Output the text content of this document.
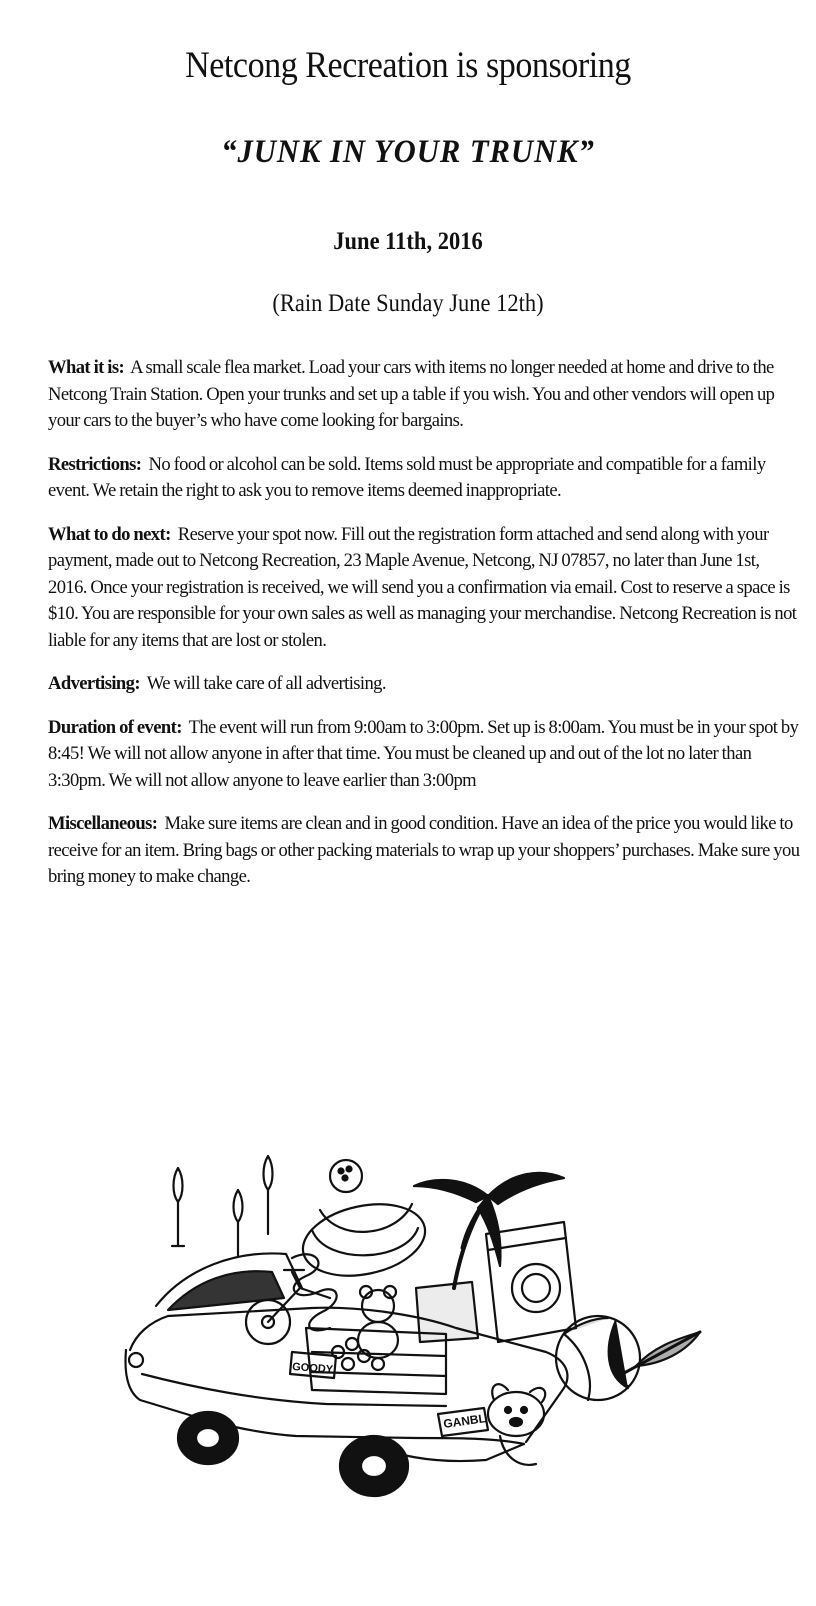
Netcong Recreation is sponsoring
“JUNK IN YOUR TRUNK”
June 11th, 2016
(Rain Date Sunday June 12th)

What it is: A small scale flea market. Load your cars with items no longer needed at home and drive to the Netcong Train Station. Open your trunks and set up a table if you wish. You and other vendors will open up your cars to the buyer’s who have come looking for bargains.

Restrictions: No food or alcohol can be sold. Items sold must be appropriate and compatible for a family event. We retain the right to ask you to remove items deemed inappropriate.

What to do next: Reserve your spot now. Fill out the registration form attached and send along with your payment, made out to Netcong Recreation, 23 Maple Avenue, Netcong, NJ 07857, no later than June 1st, 2016. Once your registration is received, we will send you a confirmation via email. Cost to reserve a space is $10. You are responsible for your own sales as well as managing your merchandise. Netcong Recreation is not liable for any items that are lost or stolen.

Advertising: We will take care of all advertising.

Duration of event: The event will run from 9:00am to 3:00pm. Set up is 8:00am. You must be in your spot by 8:45! We will not allow anyone in after that time. You must be cleaned up and out of the lot no later than 3:30pm. We will not allow anyone to leave earlier than 3:00pm

Miscellaneous: Make sure items are clean and in good condition. Have an idea of the price you would like to receive for an item. Bring bags or other packing materials to wrap up your shoppers’ purchases. Make sure you bring money to make change.

GOODY
GANBL
